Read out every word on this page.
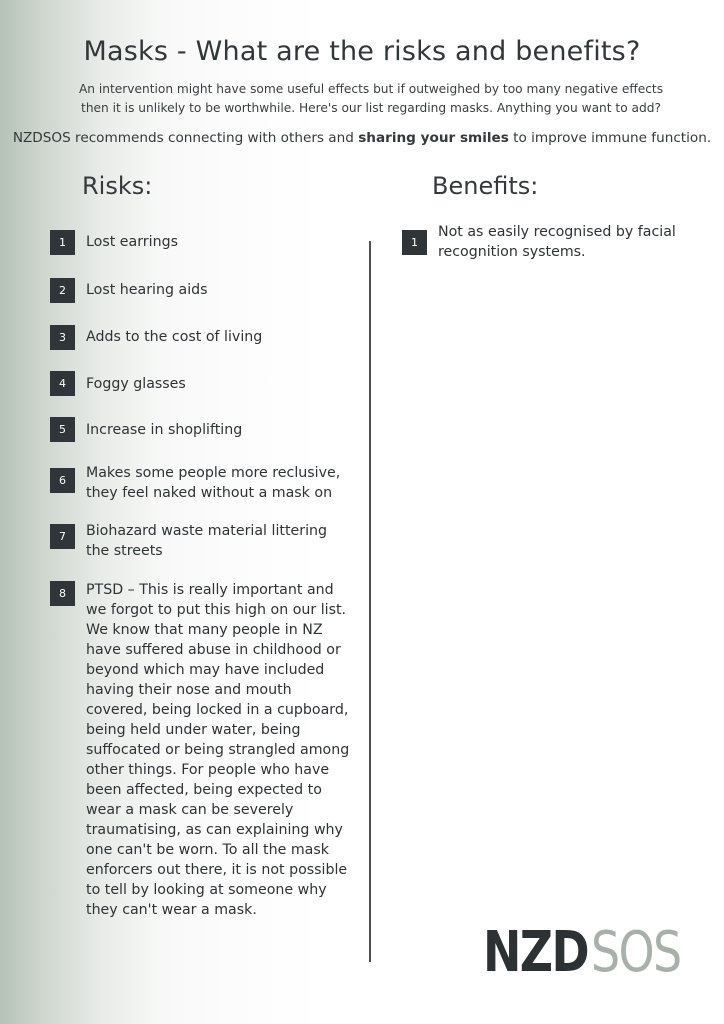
Masks - What are the risks and benefits?
An intervention might have some useful effects but if outweighed by too many negative effects
then it is unlikely to be worthwhile. Here's our list regarding masks. Anything you want to add?
NZDSOS recommends connecting with others and sharing your smiles to improve immune function.
Risks:	Benefits:
1	Lost earrings
2	Lost hearing aids
3	Adds to the cost of living
4	Foggy glasses
5	Increase in shoplifting
6	Makes some people more reclusive, they feel naked without a mask on
7	Biohazard waste material littering the streets
8	PTSD – This is really important and we forgot to put this high on our list. We know that many people in NZ have suffered abuse in childhood or beyond which may have included having their nose and mouth covered, being locked in a cupboard, being held under water, being suffocated or being strangled among other things. For people who have been affected, being expected to wear a mask can be severely traumatising, as can explaining why one can't be worn. To all the mask enforcers out there, it is not possible to tell by looking at someone why they can't wear a mask.
1
Not as easily recognised by facial recognition systems.
NZD SOS
